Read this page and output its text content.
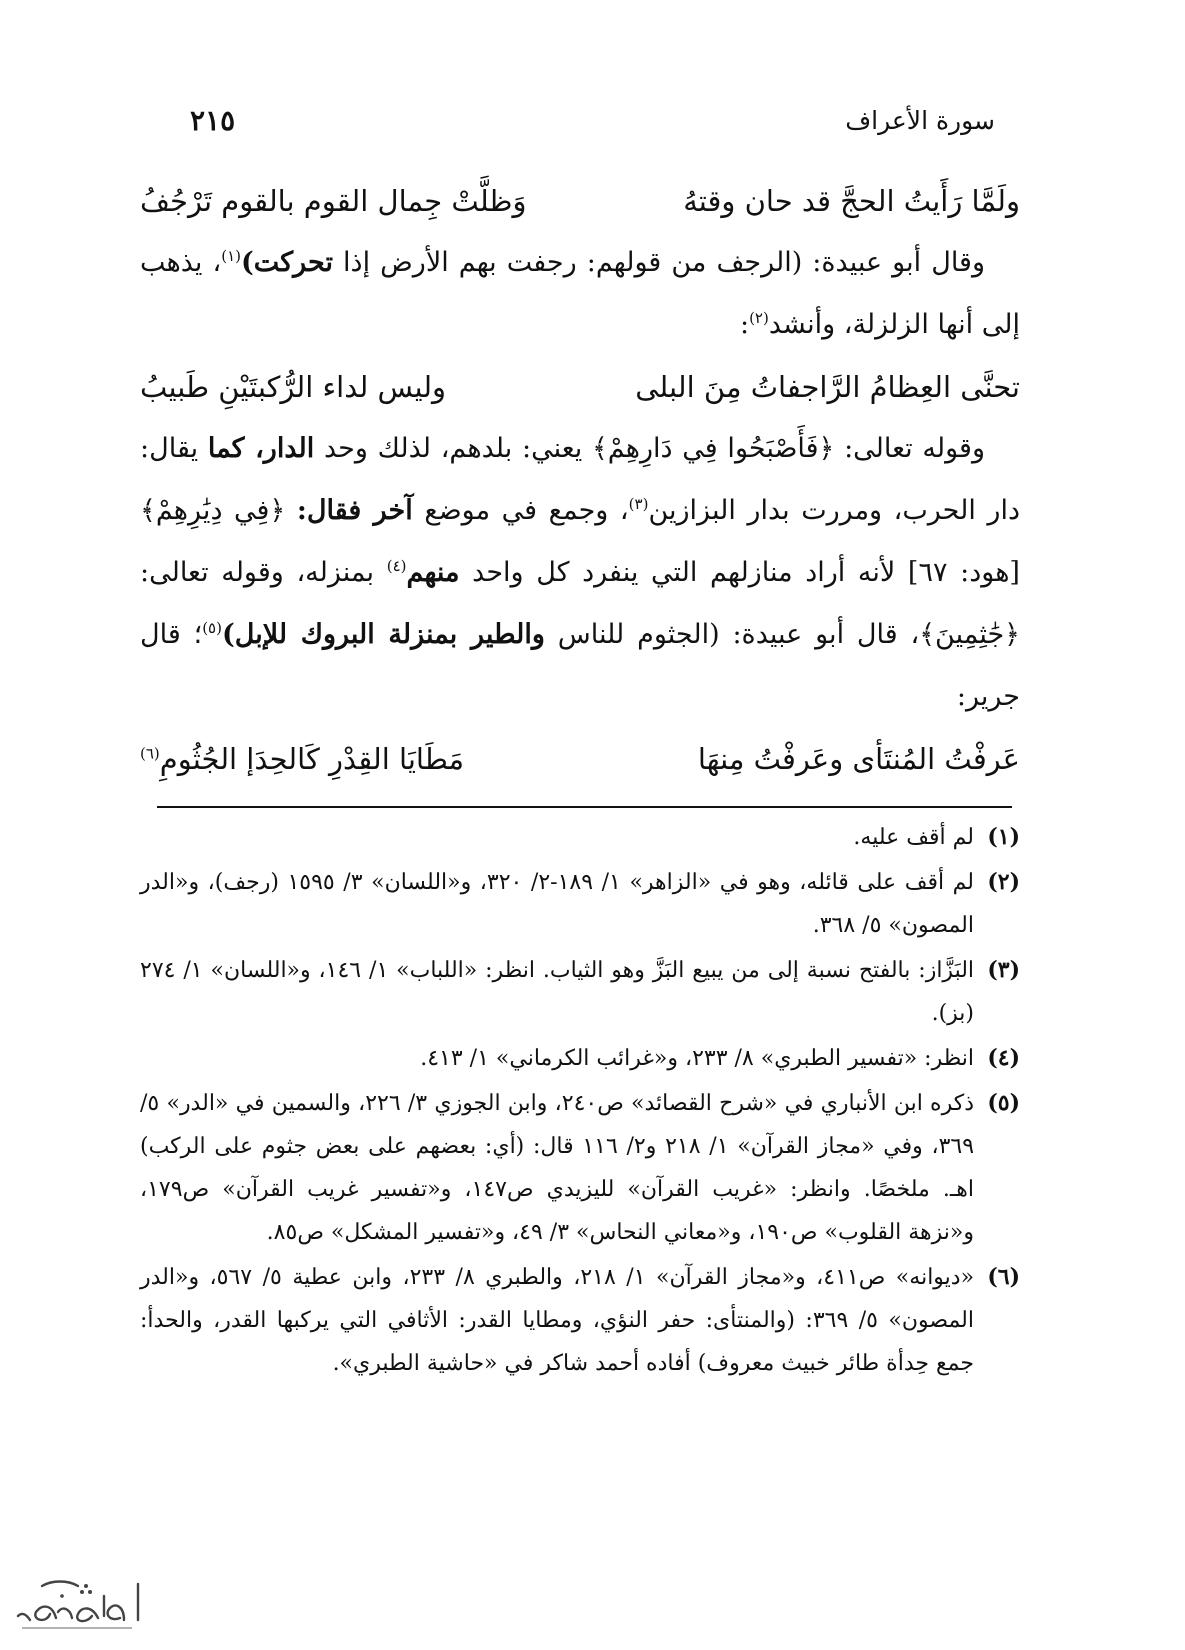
سورة الأعراف
٢١٥
ولَمَّا رَأَيتُ الحجَّ قد حان وقتهُ
وَظلَّتْ جِمال القوم بالقوم تَرْجُفُ

وقال أبو عبيدة: (الرجف من قولهم: رجفت بهم الأرض إذا تحركت)$^{(١)}$، يذهب إلى أنها الزلزلة، وأنشد$^{(٢)}$:

تحنَّى العِظامُ الرَّاجفاتُ مِنَ البلى
وليس لداء الرُّكبتَيْنِ طَبيبُ

وقوله تعالى: ﴿فَأَصْبَحُوا فِي دَارِهِمْ﴾ يعني: بلدهم، لذلك وحد الدار، كما يقال: دار الحرب، ومررت بدار البزازين$^{(٣)}$، وجمع في موضع آخر فقال: ﴿فِي دِيَٰرِهِمْ﴾ [هود: ٦٧] لأنه أراد منازلهم التي ينفرد كل واحد منهم$^{(٤)}$ بمنزله، وقوله تعالى: ﴿جَٰثِمِينَ﴾، قال أبو عبيدة: (الجثوم للناس والطير بمنزلة البروك للإبل)$^{(٥)}$؛ قال جرير:

عَرفْتُ المُنتَأى وعَرفْتُ مِنهَا
مَطَايَا القِدْرِ كَالحِدَإ الجُثُومِ$^{(٦)}$
(١)
لم أقف عليه.
(٢)
لم أقف على قائله، وهو في «الزاهر» ١/ ١٨٩-٢/ ٣٢٠، و«اللسان» ٣/ ١٥٩٥ (رجف)، و«الدر المصون» ٥/ ٣٦٨.
(٣)
البَزَّاز: بالفتح نسبة إلى من يبيع البَزَّ وهو الثياب. انظر: «اللباب» ١/ ١٤٦، و«اللسان» ١/ ٢٧٤ (بز).
(٤)
انظر: «تفسير الطبري» ٨/ ٢٣٣، و«غرائب الكرماني» ١/ ٤١٣.
(٥)
ذكره ابن الأنباري في «شرح القصائد» ص٢٤٠، وابن الجوزي ٣/ ٢٢٦، والسمين في «الدر» ٥/ ٣٦٩، وفي «مجاز القرآن» ١/ ٢١٨ و٢/ ١١٦ قال: (أي: بعضهم على بعض جثوم على الركب) اهـ. ملخصًا. وانظر: «غريب القرآن» لليزيدي ص١٤٧، و«تفسير غريب القرآن» ص١٧٩، و«نزهة القلوب» ص١٩٠، و«معاني النحاس» ٣/ ٤٩، و«تفسير المشكل» ص٨٥.
(٦)
«ديوانه» ص٤١١، و«مجاز القرآن» ١/ ٢١٨، والطبري ٨/ ٢٣٣، وابن عطية ٥/ ٥٦٧، و«الدر المصون» ٥/ ٣٦٩: (والمنتأى: حفر النؤي، ومطايا القدر: الأثافي التي يركبها القدر، والحدأ: جمع حِدأة طائر خبيث معروف) أفاده أحمد شاكر في «حاشية الطبري».
